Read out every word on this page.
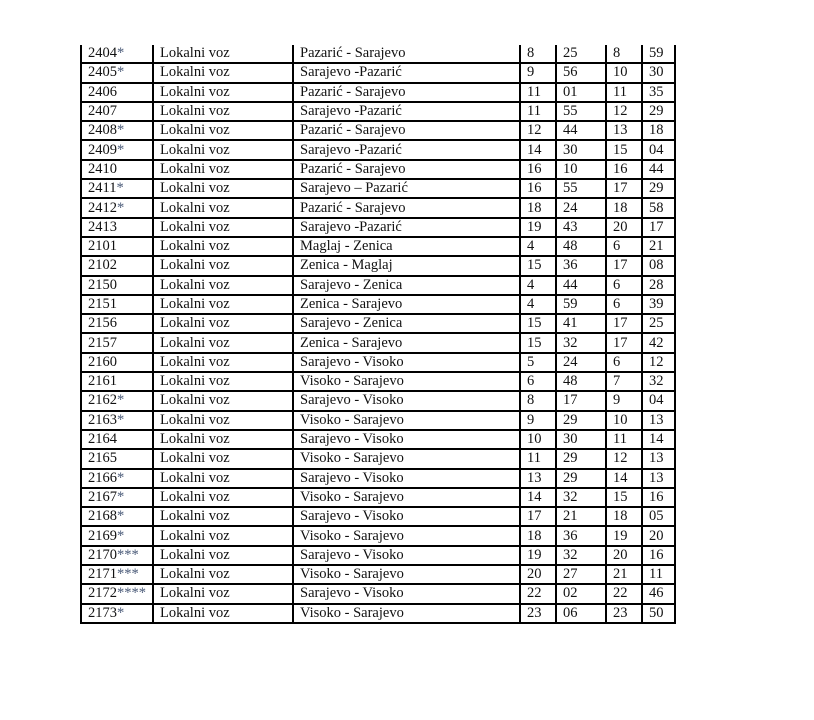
2404*	Lokalni voz	Pazarić - Sarajevo	8	25	8	59
2405*	Lokalni voz	Sarajevo -Pazarić	9	56	10	30
2406	Lokalni voz	Pazarić - Sarajevo	11	01	11	35
2407	Lokalni voz	Sarajevo -Pazarić	11	55	12	29
2408*	Lokalni voz	Pazarić - Sarajevo	12	44	13	18
2409*	Lokalni voz	Sarajevo -Pazarić	14	30	15	04
2410	Lokalni voz	Pazarić - Sarajevo	16	10	16	44
2411*	Lokalni voz	Sarajevo – Pazarić	16	55	17	29
2412*	Lokalni voz	Pazarić - Sarajevo	18	24	18	58
2413	Lokalni voz	Sarajevo -Pazarić	19	43	20	17
2101	Lokalni voz	Maglaj - Zenica	4	48	6	21
2102	Lokalni voz	Zenica - Maglaj	15	36	17	08
2150	Lokalni voz	Sarajevo - Zenica	4	44	6	28
2151	Lokalni voz	Zenica - Sarajevo	4	59	6	39
2156	Lokalni voz	Sarajevo - Zenica	15	41	17	25
2157	Lokalni voz	Zenica - Sarajevo	15	32	17	42
2160	Lokalni voz	Sarajevo - Visoko	5	24	6	12
2161	Lokalni voz	Visoko - Sarajevo	6	48	7	32
2162*	Lokalni voz	Sarajevo - Visoko	8	17	9	04
2163*	Lokalni voz	Visoko - Sarajevo	9	29	10	13
2164	Lokalni voz	Sarajevo - Visoko	10	30	11	14
2165	Lokalni voz	Visoko - Sarajevo	11	29	12	13
2166*	Lokalni voz	Sarajevo - Visoko	13	29	14	13
2167*	Lokalni voz	Visoko - Sarajevo	14	32	15	16
2168*	Lokalni voz	Sarajevo - Visoko	17	21	18	05
2169*	Lokalni voz	Visoko - Sarajevo	18	36	19	20
2170***	Lokalni voz	Sarajevo - Visoko	19	32	20	16
2171***	Lokalni voz	Visoko - Sarajevo	20	27	21	11
2172****	Lokalni voz	Sarajevo - Visoko	22	02	22	46
2173*	Lokalni voz	Visoko - Sarajevo	23	06	23	50
